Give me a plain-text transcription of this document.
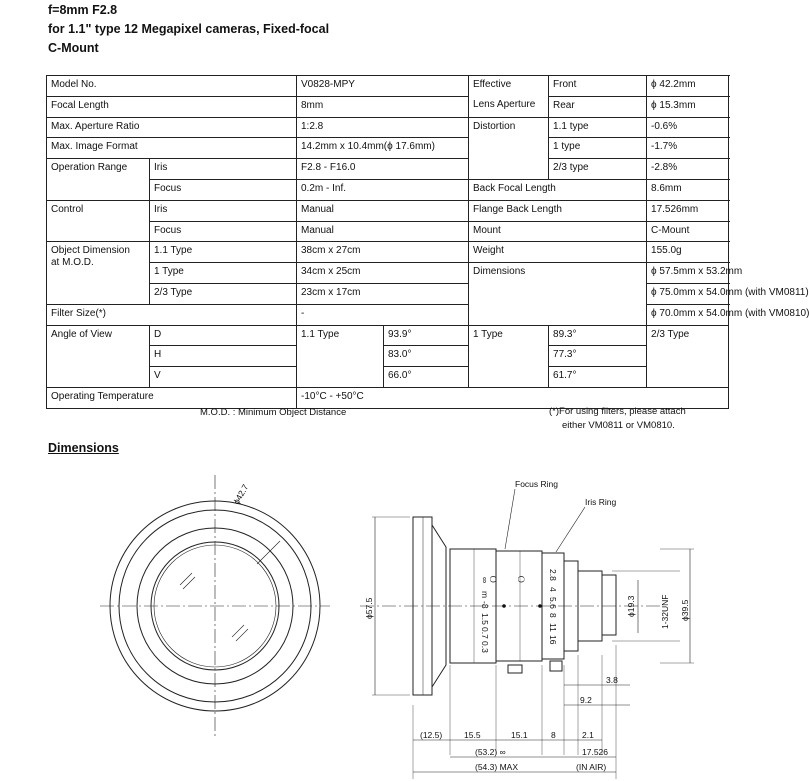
f=8mm F2.8
for 1.1" type 12 Megapixel cameras, Fixed-focal
C-Mount
Model No.		V0828-MPY		Effective	Front	ϕ 42.2mm	
Focal Length		8mm		Lens Aperture	Rear	ϕ 15.3mm	
Max. Aperture Ratio		1:2.8		Distortion	1.1 type	-0.6%	
Max. Image Format		14.2mm x 10.4mm(ϕ 17.6mm)			1 type	-1.7%	
Operation Range	Iris	F2.8 - F16.0			2/3 type	-2.8%	
	Focus	0.2m - Inf.		Back Focal Length		8.6mm	
Control	Iris	Manual		Flange Back Length		17.526mm	
	Focus	Manual		Mount		C-Mount	
Object Dimension
at M.O.D.	1.1 Type	38cm x 27cm		Weight		155.0g	
	1 Type	34cm x 25cm		Dimensions		ϕ 57.5mm x 53.2mm	
	2/3 Type	23cm x 17cm				ϕ 75.0mm x 54.0mm (with VM0811)	
Filter Size(*)		-				ϕ 70.0mm x 54.0mm (with VM0810)	
Angle of View	D	1.1 Type	93.9°	1 Type	89.3°	2/3 Type	
	H		83.0°		77.3°	
	V		66.0°		61.7°	
Operating Temperature		-10°C - +50°C					
M.O.D. : Minimum Object Distance	(*)For using filters, please attach
either VM0811 or VM0810.
Dimensions
ϕ42.7
Ｏ
∞
m
-8
1.5
0.7
0.3
Ｏ	2.8
4
5.6
8
11
16
Focus Ring
Iris Ring
ϕ57.5	1-32UNF
ϕ19.3	ϕ39.5
3.8
9.2
(12.5)	15.5	15.1	8	2.1
(53.2) ∞
(54.3) MAX
17.526
(IN AIR)
